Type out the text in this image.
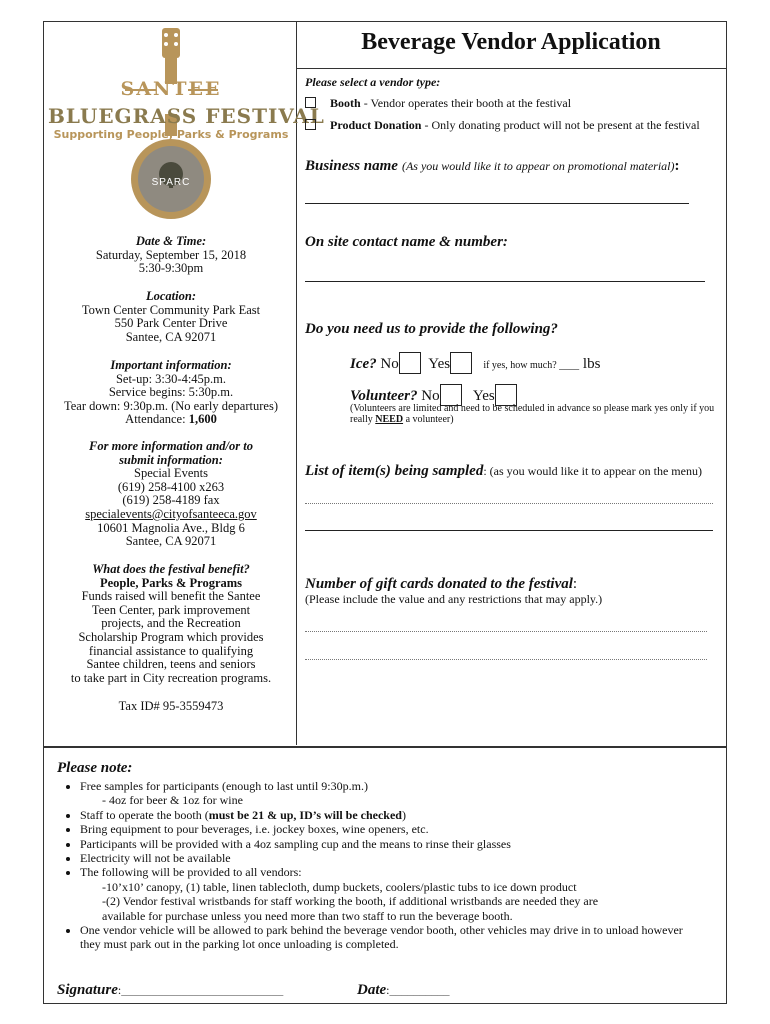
SANTEE
BLUEGRASS FESTIVAL
Supporting People, Parks & Programs
SPARC
Beverage Vendor Application
Please select a vendor type:
Booth - Vendor operates their booth at the festival
Product Donation - Only donating product will not be present at the festival
Business name (As you would like it to appear on promotional material):
On site contact name & number:
Do you need us to provide the following?
Ice? No Yes	if yes, how much? ____ lbs
Volunteer? No Yes
(Volunteers are limited and need to be scheduled in advance so please mark yes only if you really NEED a volunteer)
List of item(s) being sampled: (as you would like it to appear on the menu)
Number of gift cards donated to the festival:
(Please include the value and any restrictions that may apply.)
Date & Time:
Saturday, September 15, 2018
5:30-9:30pm
Location:
Town Center Community Park East
550 Park Center Drive
Santee, CA 92071
Important information:
Set-up: 3:30-4:45p.m.
Service begins: 5:30p.m.
Tear down: 9:30p.m. (No early departures)
Attendance: 1,600
For more information and/or to
submit information:
Special Events
(619) 258-4100 x263
(619) 258-4189 fax
specialevents@cityofsanteeca.gov
10601 Magnolia Ave., Bldg 6
Santee, CA 92071
What does the festival benefit?
People, Parks & Programs
Funds raised will benefit the Santee
Teen Center, park improvement
projects, and the Recreation
Scholarship Program which provides
financial assistance to qualifying
Santee children, teens and seniors
to take part in City recreation programs.
Tax ID# 95-3559473
Please note:
• Free samples for participants (enough to last until 9:30p.m.)
- 4oz for beer & 1oz for wine
• Staff to operate the booth (must be 21 & up, ID’s will be checked)
• Bring equipment to pour beverages, i.e. jockey boxes, wine openers, etc.
• Participants will be provided with a 4oz sampling cup and the means to rinse their glasses
• Electricity will not be available
• The following will be provided to all vendors:
-10’x10’ canopy, (1) table, linen tablecloth, dump buckets, coolers/plastic tubs to ice down product
-(2) Vendor festival wristbands for staff working the booth, if additional wristbands are needed they are
available for purchase unless you need more than two staff to run the beverage booth.
• One vendor vehicle will be allowed to park behind the beverage vendor booth, other vehicles may drive in to unload however
they must park out in the parking lot once unloading is completed.
Signature:___________________________	Date:__________
